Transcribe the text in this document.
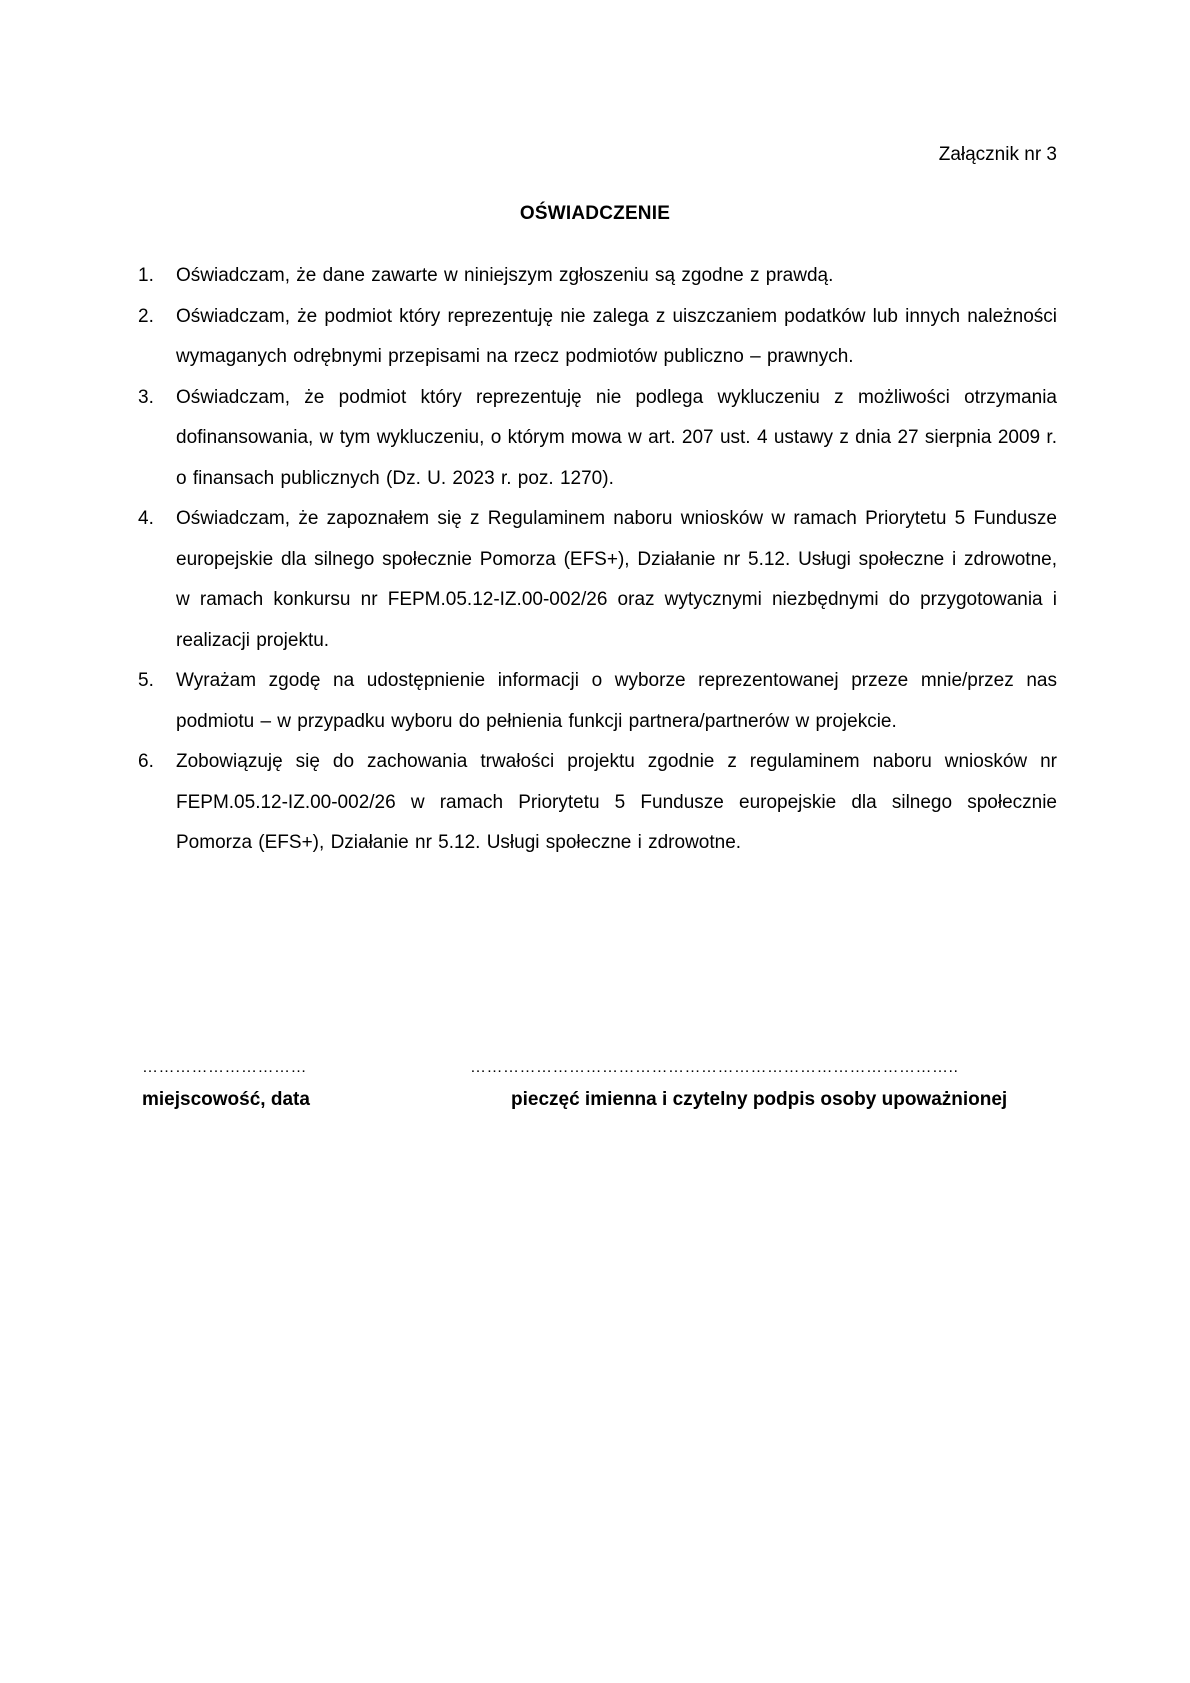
Załącznik nr 3
OŚWIADCZENIE
1.	Oświadczam, że dane zawarte w niniejszym zgłoszeniu są zgodne z prawdą.
2.	Oświadczam, że podmiot który reprezentuję nie zalega z uiszczaniem podatków lub innych należności wymaganych odrębnymi przepisami na rzecz podmiotów publiczno – prawnych.
3.	Oświadczam, że podmiot który reprezentuję nie podlega wykluczeniu z możliwości otrzymania dofinansowania, w tym wykluczeniu, o którym mowa w art. 207 ust. 4 ustawy z dnia 27 sierpnia 2009 r. o finansach publicznych (Dz. U. 2023 r. poz. 1270).
4.	Oświadczam, że zapoznałem się z Regulaminem naboru wniosków w ramach Priorytetu 5 Fundusze europejskie dla silnego społecznie Pomorza (EFS+), Działanie nr 5.12. Usługi społeczne i zdrowotne, w ramach konkursu nr FEPM.05.12-IZ.00-002/26 oraz wytycznymi niezbędnymi do przygotowania i realizacji projektu.
5.	Wyrażam zgodę na udostępnienie informacji o wyborze reprezentowanej przeze mnie/przez nas podmiotu – w przypadku wyboru do pełnienia funkcji partnera/partnerów w projekcie.
6.	Zobowiązuję się do zachowania trwałości projektu zgodnie z regulaminem naboru wniosków nr FEPM.05.12-IZ.00-002/26 w ramach Priorytetu 5 Fundusze europejskie dla silnego społecznie Pomorza (EFS+), Działanie nr 5.12. Usługi społeczne i zdrowotne.
…………………………	……………………………………………………………………………..
miejscowość, data	pieczęć imienna i czytelny podpis osoby upoważnionej
